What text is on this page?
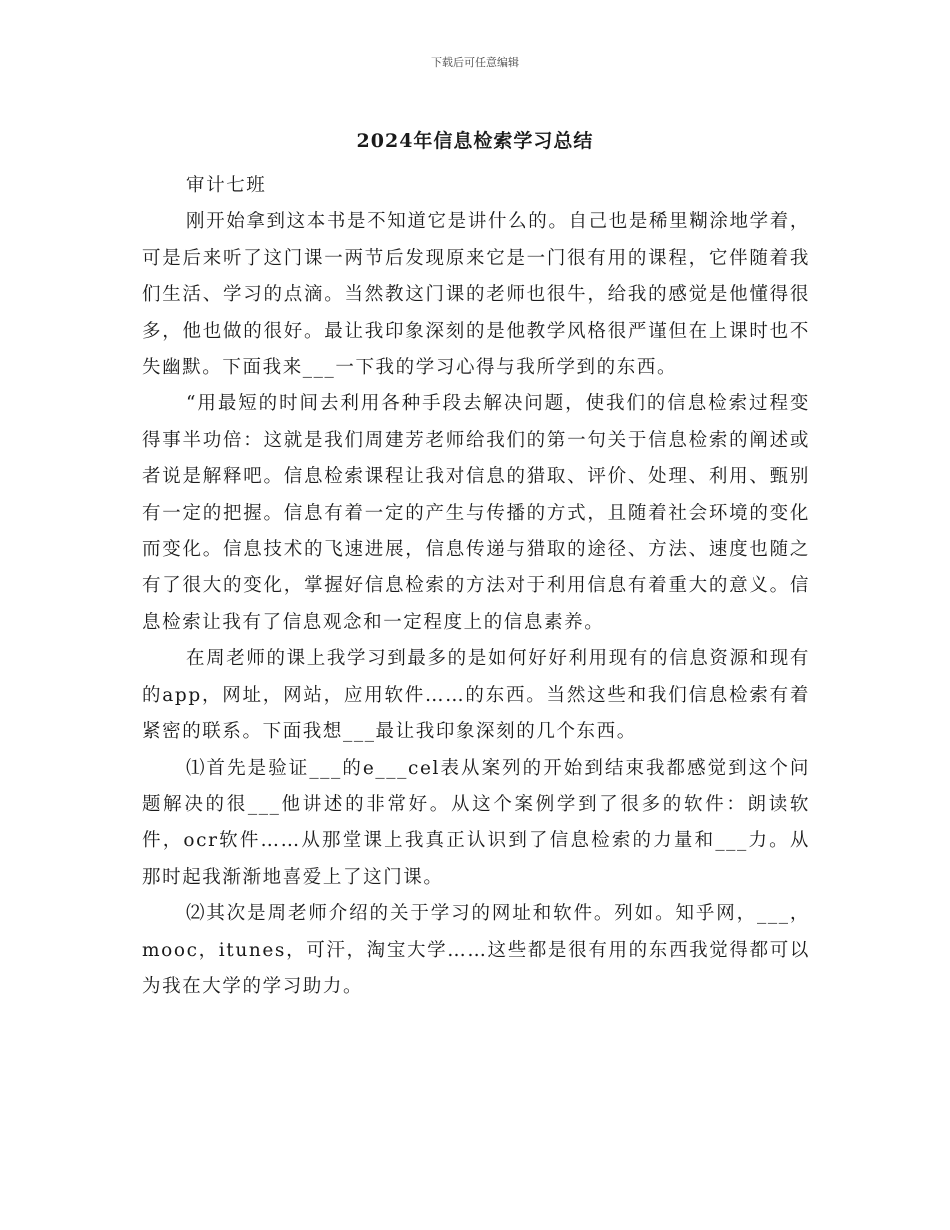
下载后可任意编辑
2024年信息检索学习总结

审计七班

刚开始拿到这本书是不知道它是讲什么的。自己也是稀里糊涂地学着，可是后来听了这门课一两节后发现原来它是一门很有用的课程，它伴随着我们生活、学习的点滴。当然教这门课的老师也很牛，给我的感觉是他懂得很多，他也做的很好。最让我印象深刻的是他教学风格很严谨但在上课时也不失幽默。下面我来___一下我的学习心得与我所学到的东西。

“用最短的时间去利用各种手段去解决问题，使我们的信息检索过程变得事半功倍：这就是我们周建芳老师给我们的第一句关于信息检索的阐述或者说是解释吧。信息检索课程让我对信息的猎取、评价、处理、利用、甄别有一定的把握。信息有着一定的产生与传播的方式，且随着社会环境的变化而变化。信息技术的飞速进展，信息传递与猎取的途径、方法、速度也随之有了很大的变化，掌握好信息检索的方法对于利用信息有着重大的意义。信息检索让我有了信息观念和一定程度上的信息素养。

在周老师的课上我学习到最多的是如何好好利用现有的信息资源和现有的app，网址，网站，应用软件……的东西。当然这些和我们信息检索有着紧密的联系。下面我想___最让我印象深刻的几个东西。

⑴首先是验证___的e___cel表从案列的开始到结束我都感觉到这个问题解决的很___他讲述的非常好。从这个案例学到了很多的软件：朗读软件，ocr软件……从那堂课上我真正认识到了信息检索的力量和___力。从那时起我渐渐地喜爱上了这门课。

⑵其次是周老师介绍的关于学习的网址和软件。列如。知乎网，___，mooc，itunes，可汗，淘宝大学……这些都是很有用的东西我觉得都可以为我在大学的学习助力。
